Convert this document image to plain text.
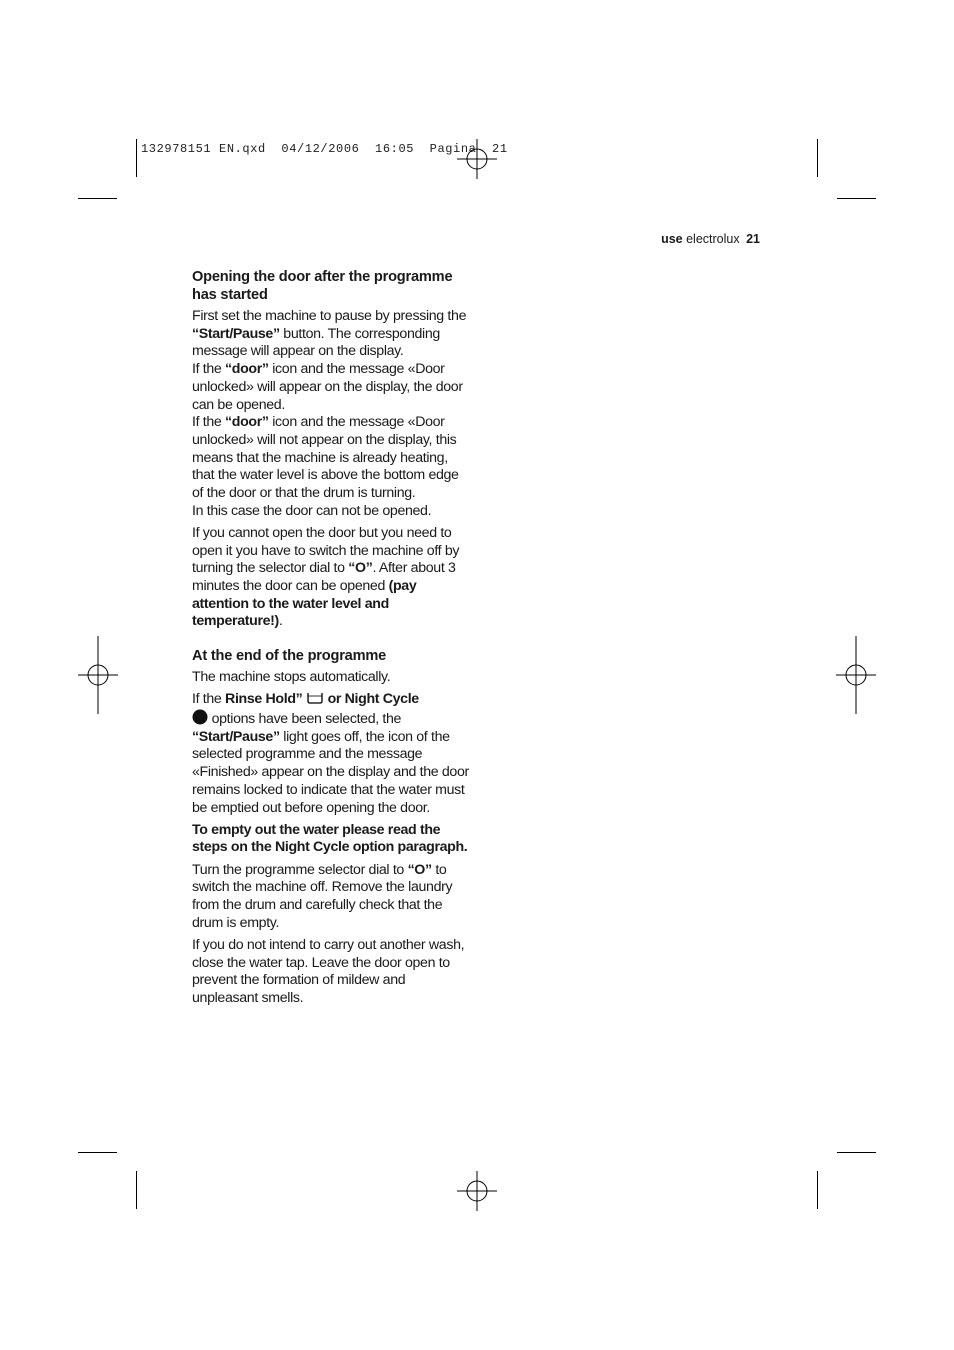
132978151 EN.qxd  04/12/2006  16:05  Pagina  21
use electrolux 21
Opening the door after the programme has started

First set the machine to pause by pressing the “Start/Pause” button. The corresponding message will appear on the display.
If the “door” icon and the message «Door unlocked» will appear on the display, the door can be opened.
If the “door” icon and the message «Door unlocked» will not appear on the display, this means that the machine is already heating, that the water level is above the bottom edge of the door or that the drum is turning.
In this case the door can not be opened.

If you cannot open the door but you need to open it you have to switch the machine off by turning the selector dial to “O”. After about 3 minutes the door can be opened (pay attention to the water level and temperature!).

At the end of the programme

The machine stops automatically.

If the Rinse Hold” or Night Cycle
options have been selected, the “Start/Pause” light goes off, the icon of the selected programme and the message «Finished» appear on the display and the door remains locked to indicate that the water must be emptied out before opening the door.

To empty out the water please read the steps on the Night Cycle option paragraph.

Turn the programme selector dial to “O” to switch the machine off. Remove the laundry from the drum and carefully check that the drum is empty.

If you do not intend to carry out another wash, close the water tap. Leave the door open to prevent the formation of mildew and unpleasant smells.
